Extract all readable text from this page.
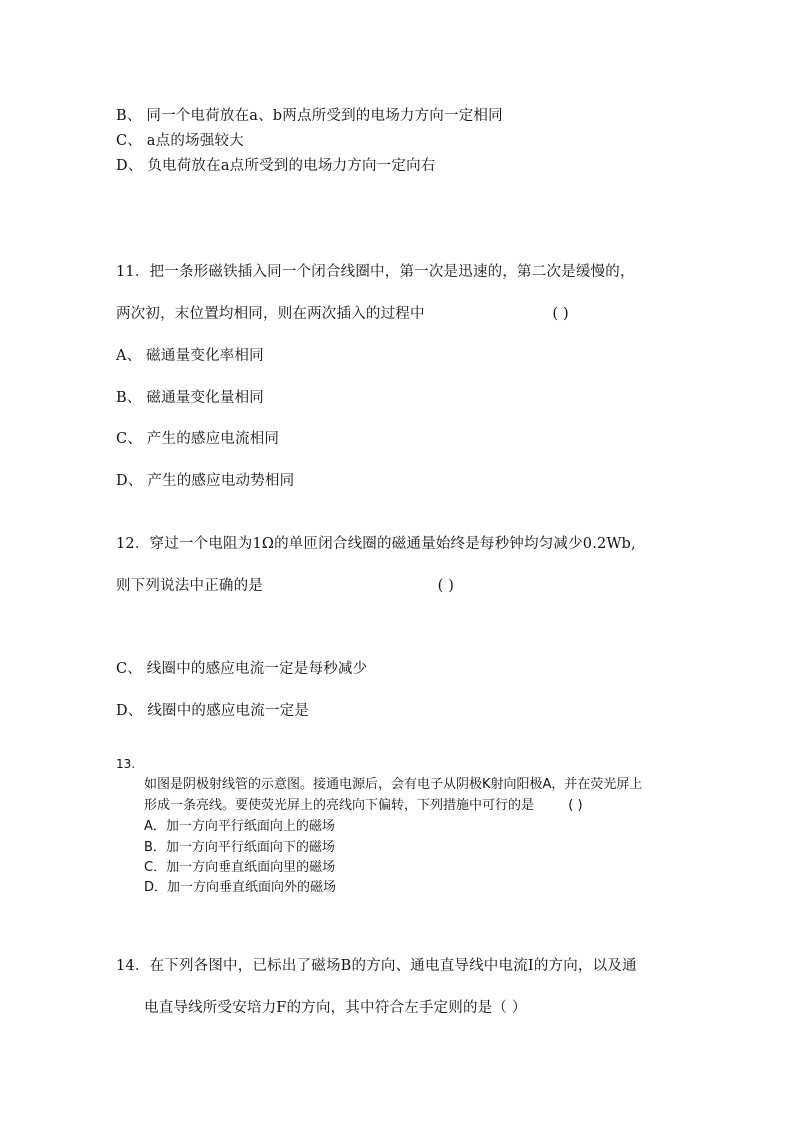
B、 同一个电荷放在a、b两点所受到的电场力方向一定相同
C、 a点的场强较大
D、 负电荷放在a点所受到的电场力方向一定向右
11．把一条形磁铁插入同一个闭合线圈中，第一次是迅速的，第二次是缓慢的，
两次初，末位置均相同，则在两次插入的过程中	( )
A、 磁通量变化率相同
B、 磁通量变化量相同
C、 产生的感应电流相同
D、 产生的感应电动势相同
12．穿过一个电阻为1Ω的单匝闭合线圈的磁通量始终是每秒钟均匀减少0.2Wb,
则下列说法中正确的是	( )
C、 线圈中的感应电流一定是每秒减少
D、 线圈中的感应电流一定是
13.
如图是阴极射线管的示意图。接通电源后，会有电子从阴极K射向阳极A，并在荧光屏上
形成一条亮线。要使荧光屏上的亮线向下偏转，下列措施中可行的是	( )
A．加一方向平行纸面向上的磁场
B．加一方向平行纸面向下的磁场
C．加一方向垂直纸面向里的磁场
D．加一方向垂直纸面向外的磁场
14．在下列各图中，已标出了磁场B的方向、通电直导线中电流I的方向，以及通
电直导线所受安培力F的方向，其中符合左手定则的是（ ）
